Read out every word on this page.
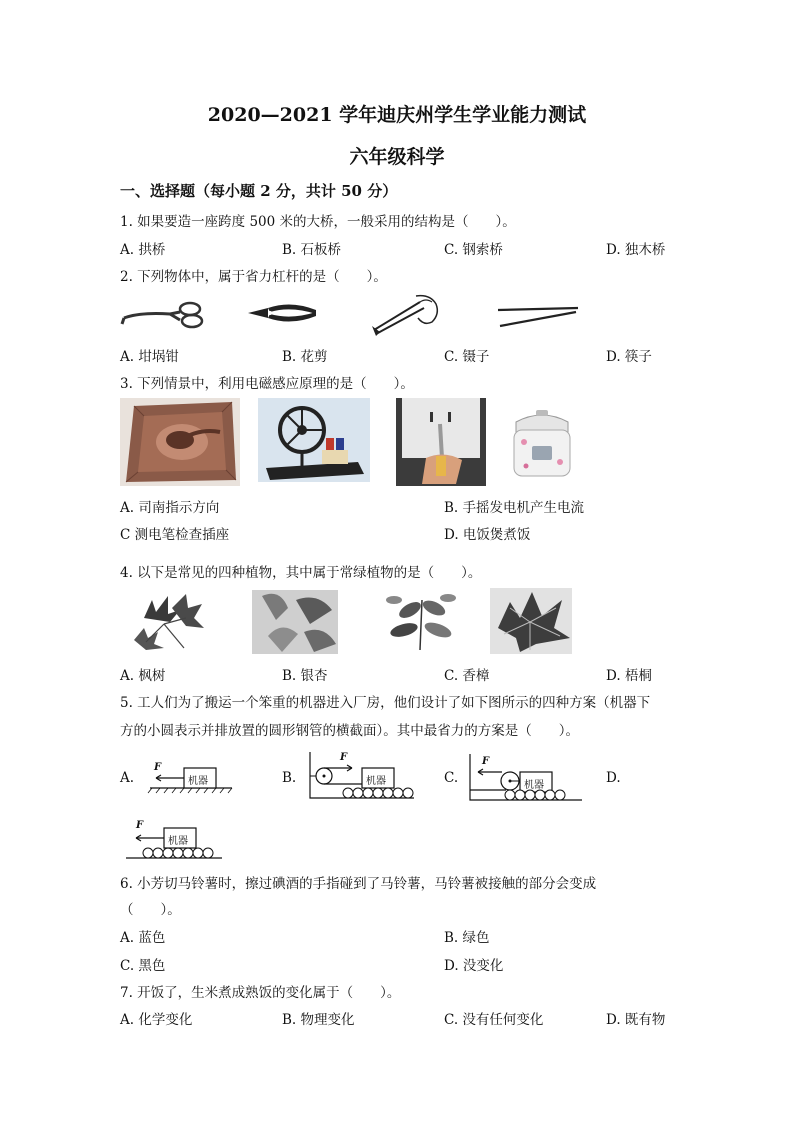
2020—2021 学年迪庆州学生学业能力测试
六年级科学
一、选择题（每小题 2 分，共计 50 分）
1. 如果要造一座跨度 500 米的大桥，一般采用的结构是（　　）。
A. 拱桥	B. 石板桥	C. 钢索桥	D. 独木桥
2. 下列物体中，属于省力杠杆的是（　　）。
A. 坩埚钳	B. 花剪	C. 镊子	D. 筷子
3. 下列情景中，利用电磁感应原理的是（　　）。
A. 司南指示方向	B. 手摇发电机产生电流
C 测电笔检查插座	D. 电饭煲煮饭
4. 以下是常见的四种植物，其中属于常绿植物的是（　　）。
A. 枫树	B. 银杏	C. 香樟	D. 梧桐
5. 工人们为了搬运一个笨重的机器进入厂房，他们设计了如下图所示的四种方案（机器下
方的小圆表示并排放置的圆形钢管的横截面）。其中最省力的方案是（　　）。
A.
F
机器	B.
F
机器	C.
F
机器	D.
F
机器
6. 小芳切马铃薯时，擦过碘酒的手指碰到了马铃薯，马铃薯被接触的部分会变成
（　　）。
A. 蓝色	B. 绿色
C. 黑色	D. 没变化
7. 开饭了，生米煮成熟饭的变化属于（　　）。
A. 化学变化	B. 物理变化	C. 没有任何变化	D. 既有物
